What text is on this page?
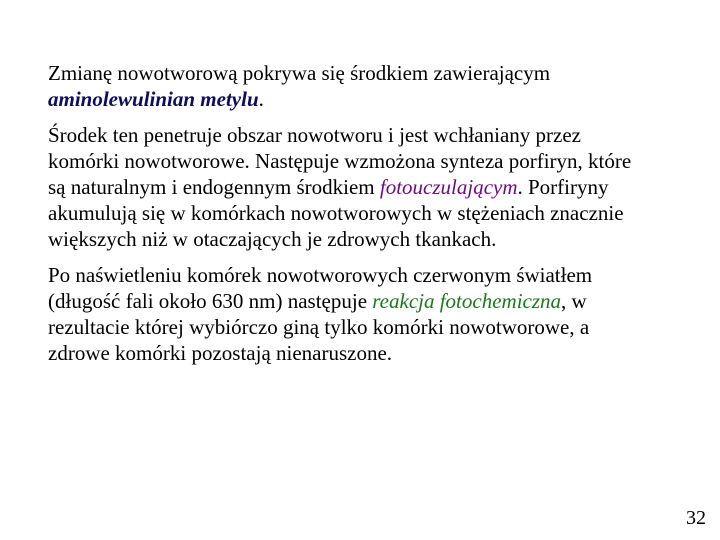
Zmianę nowotworową pokrywa się środkiem zawierającym aminolewulinian metylu.

Środek ten penetruje obszar nowotworu i jest wchłaniany przez komórki nowotworowe. Następuje wzmożona synteza porfiryn, które są naturalnym i endogennym środkiem fotouczulającym. Porfiryny akumulują się w komórkach nowotworowych w stężeniach znacznie większych niż w otaczających je zdrowych tkankach.

Po naświetleniu komórek nowotworowych czerwonym światłem (długość fali około 630 nm) następuje reakcja fotochemiczna, w rezultacie której wybiórczo giną tylko komórki nowotworowe, a zdrowe komórki pozostają nienaruszone.

32
